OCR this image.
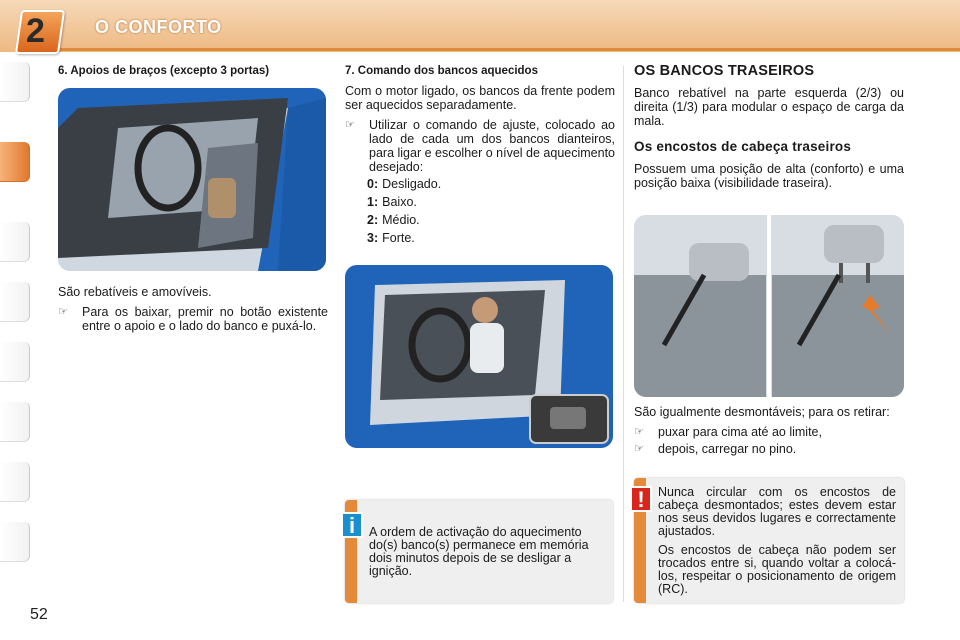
2	O CONFORTO
6. Apoios de braços (excepto 3 portas)

São rebatíveis e amovíveis.

☞	Para os baixar, premir no botão existente entre o apoio e o lado do banco e puxá-lo.
7. Comando dos bancos aquecidos

Com o motor ligado, os bancos da frente podem ser aquecidos separadamente.

☞	Utilizar o comando de ajuste, colocado ao lado de cada um dos bancos dianteiros, para ligar e escolher o nível de aquecimento desejado:
0: Desligado.
1: Baixo.
2: Médio.
3: Forte.
i	A ordem de activação do aquecimento do(s) banco(s) permanece em memória dois minutos depois de se desligar a ignição.
OS BANCOS TRASEIROS

Banco rebatível na parte esquerda (2/3) ou direita (1/3) para modular o espaço de carga da mala.

Os encostos de cabeça traseiros

Possuem uma posição de alta (conforto) e uma posição baixa (visibilidade traseira).

São igualmente desmontáveis; para os retirar:

☞	puxar para cima até ao limite,
☞	depois, carregar no pino.
!	Nunca circular com os encostos de cabeça desmontados; estes devem estar nos seus devidos lugares e correctamente ajustados.

Os encostos de cabeça não podem ser trocados entre si, quando voltar a colocá-los, respeitar o posicionamento de origem (RC).

52
